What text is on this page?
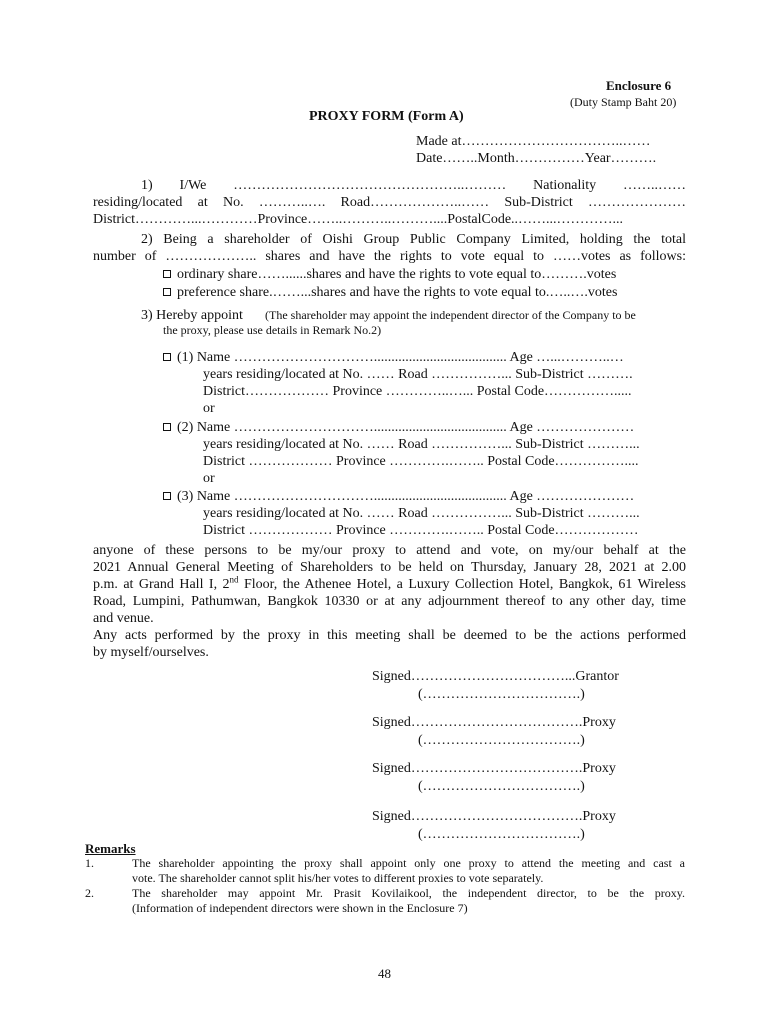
Enclosure 6
(Duty Stamp Baht 20)
PROXY FORM (Form A)
Made at……………………………..……
Date……..Month……………Year……….
1) I/We …………………………………………..……… Nationality ……..……
residing/located at No. ………..…. Road………………..…… Sub-District …………………
District…………...…………Province……..………..………....PostalCode..……...…………...
2) Being a shareholder of Oishi Group Public Company Limited, holding the total
number of ……………….. shares and have the rights to vote equal to ……votes as follows:
ordinary share……......shares and have the rights to vote equal to……….votes
preference share.……...shares and have the rights to vote equal to.…..….votes
3) Hereby appoint (The shareholder may appoint the independent director of the Company to be
the proxy, please use details in Remark No.2)
(1) Name …………………………...................................... Age …...………..…
years residing/located at No. …… Road ……………... Sub-District ……….
District……………… Province …………..…... Postal Code…………….....
or
(2) Name …………………………...................................... Age …………………
years residing/located at No. …… Road ……………... Sub-District ………...
District ……………… Province ………….…….. Postal Code……………....
or
(3) Name …………………………...................................... Age …………………
years residing/located at No. …… Road ……………... Sub-District ………...
District ……………… Province ………….…….. Postal Code………………
anyone of these persons to be my/our proxy to attend and vote, on my/our behalf at the
2021 Annual General Meeting of Shareholders to be held on Thursday, January 28, 2021 at 2.00
p.m. at Grand Hall I, 2nd Floor, the Athenee Hotel, a Luxury Collection Hotel, Bangkok, 61 Wireless
Road, Lumpini, Pathumwan, Bangkok 10330 or at any adjournment thereof to any other day, time
and venue.
Any acts performed by the proxy in this meeting shall be deemed to be the actions performed
by myself/ourselves.
Signed……………………………...Grantor
(…………………………….)
Signed……………………………….Proxy
(…………………………….)
Signed……………………………….Proxy
(…………………………….)
Signed……………………………….Proxy
(…………………………….)
Remarks
1.	The shareholder appointing the proxy shall appoint only one proxy to attend the meeting and cast a
vote. The shareholder cannot split his/her votes to different proxies to vote separately.
2.	The shareholder may appoint Mr. Prasit Kovilaikool, the independent director, to be the proxy.
(Information of independent directors were shown in the Enclosure 7)
48
